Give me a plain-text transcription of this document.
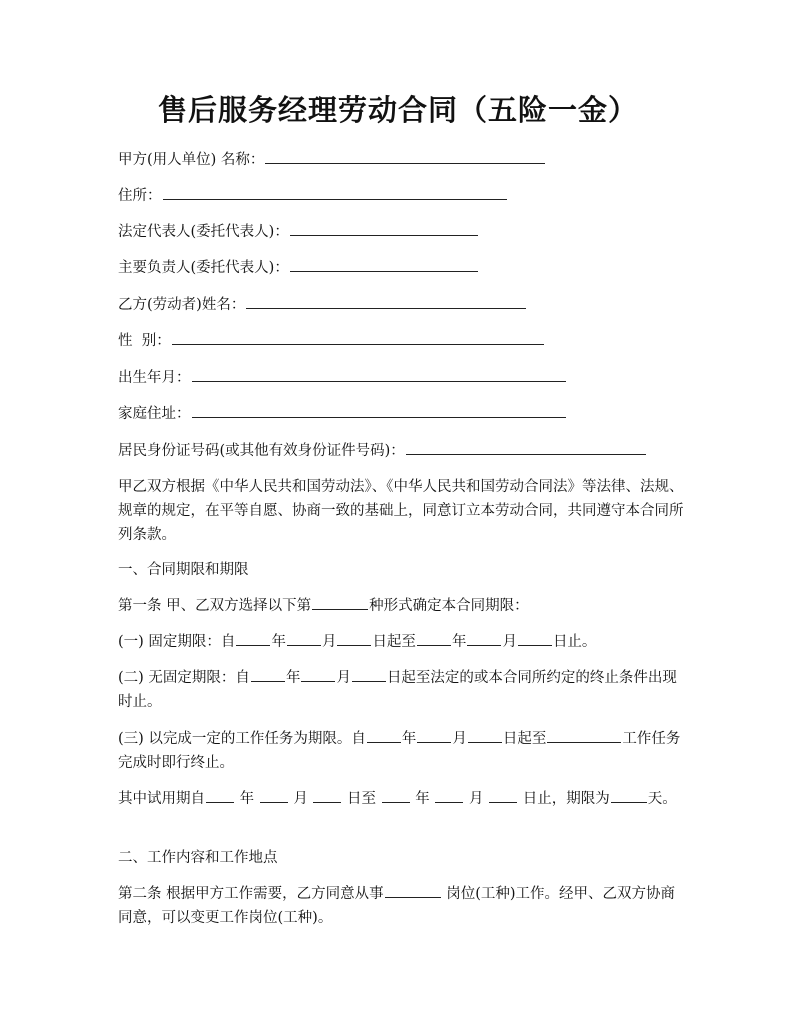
售后服务经理劳动合同（五险一金）
甲方(用人单位) 名称：
住所：
法定代表人(委托代表人)：
主要负责人(委托代表人)：
乙方(劳动者)姓名：
性  别：
出生年月：
家庭住址：
居民身份证号码(或其他有效身份证件号码)：
甲乙双方根据《中华人民共和国劳动法》、《中华人民共和国劳动合同法》等法律、法规、规章的规定，在平等自愿、协商一致的基础上，同意订立本劳动合同，共同遵守本合同所列条款。
一、合同期限和期限
第一条 甲、乙双方选择以下第	种形式确定本合同期限：
(一) 固定期限：自 年 月 日起至 年 月 日止。
(二) 无固定期限：自 年 月 日起至法定的或本合同所约定的终止条件出现时止。
(三) 以完成一定的工作任务为期限。自 年 月 日起至	工作任务完成时即行终止。
其中试用期自 年	月	日至	年	月	日止，期限为	天。
二、工作内容和工作地点
第二条 根据甲方工作需要，乙方同意从事	岗位(工种)工作。经甲、乙双方协商同意，可以变更工作岗位(工种)。
